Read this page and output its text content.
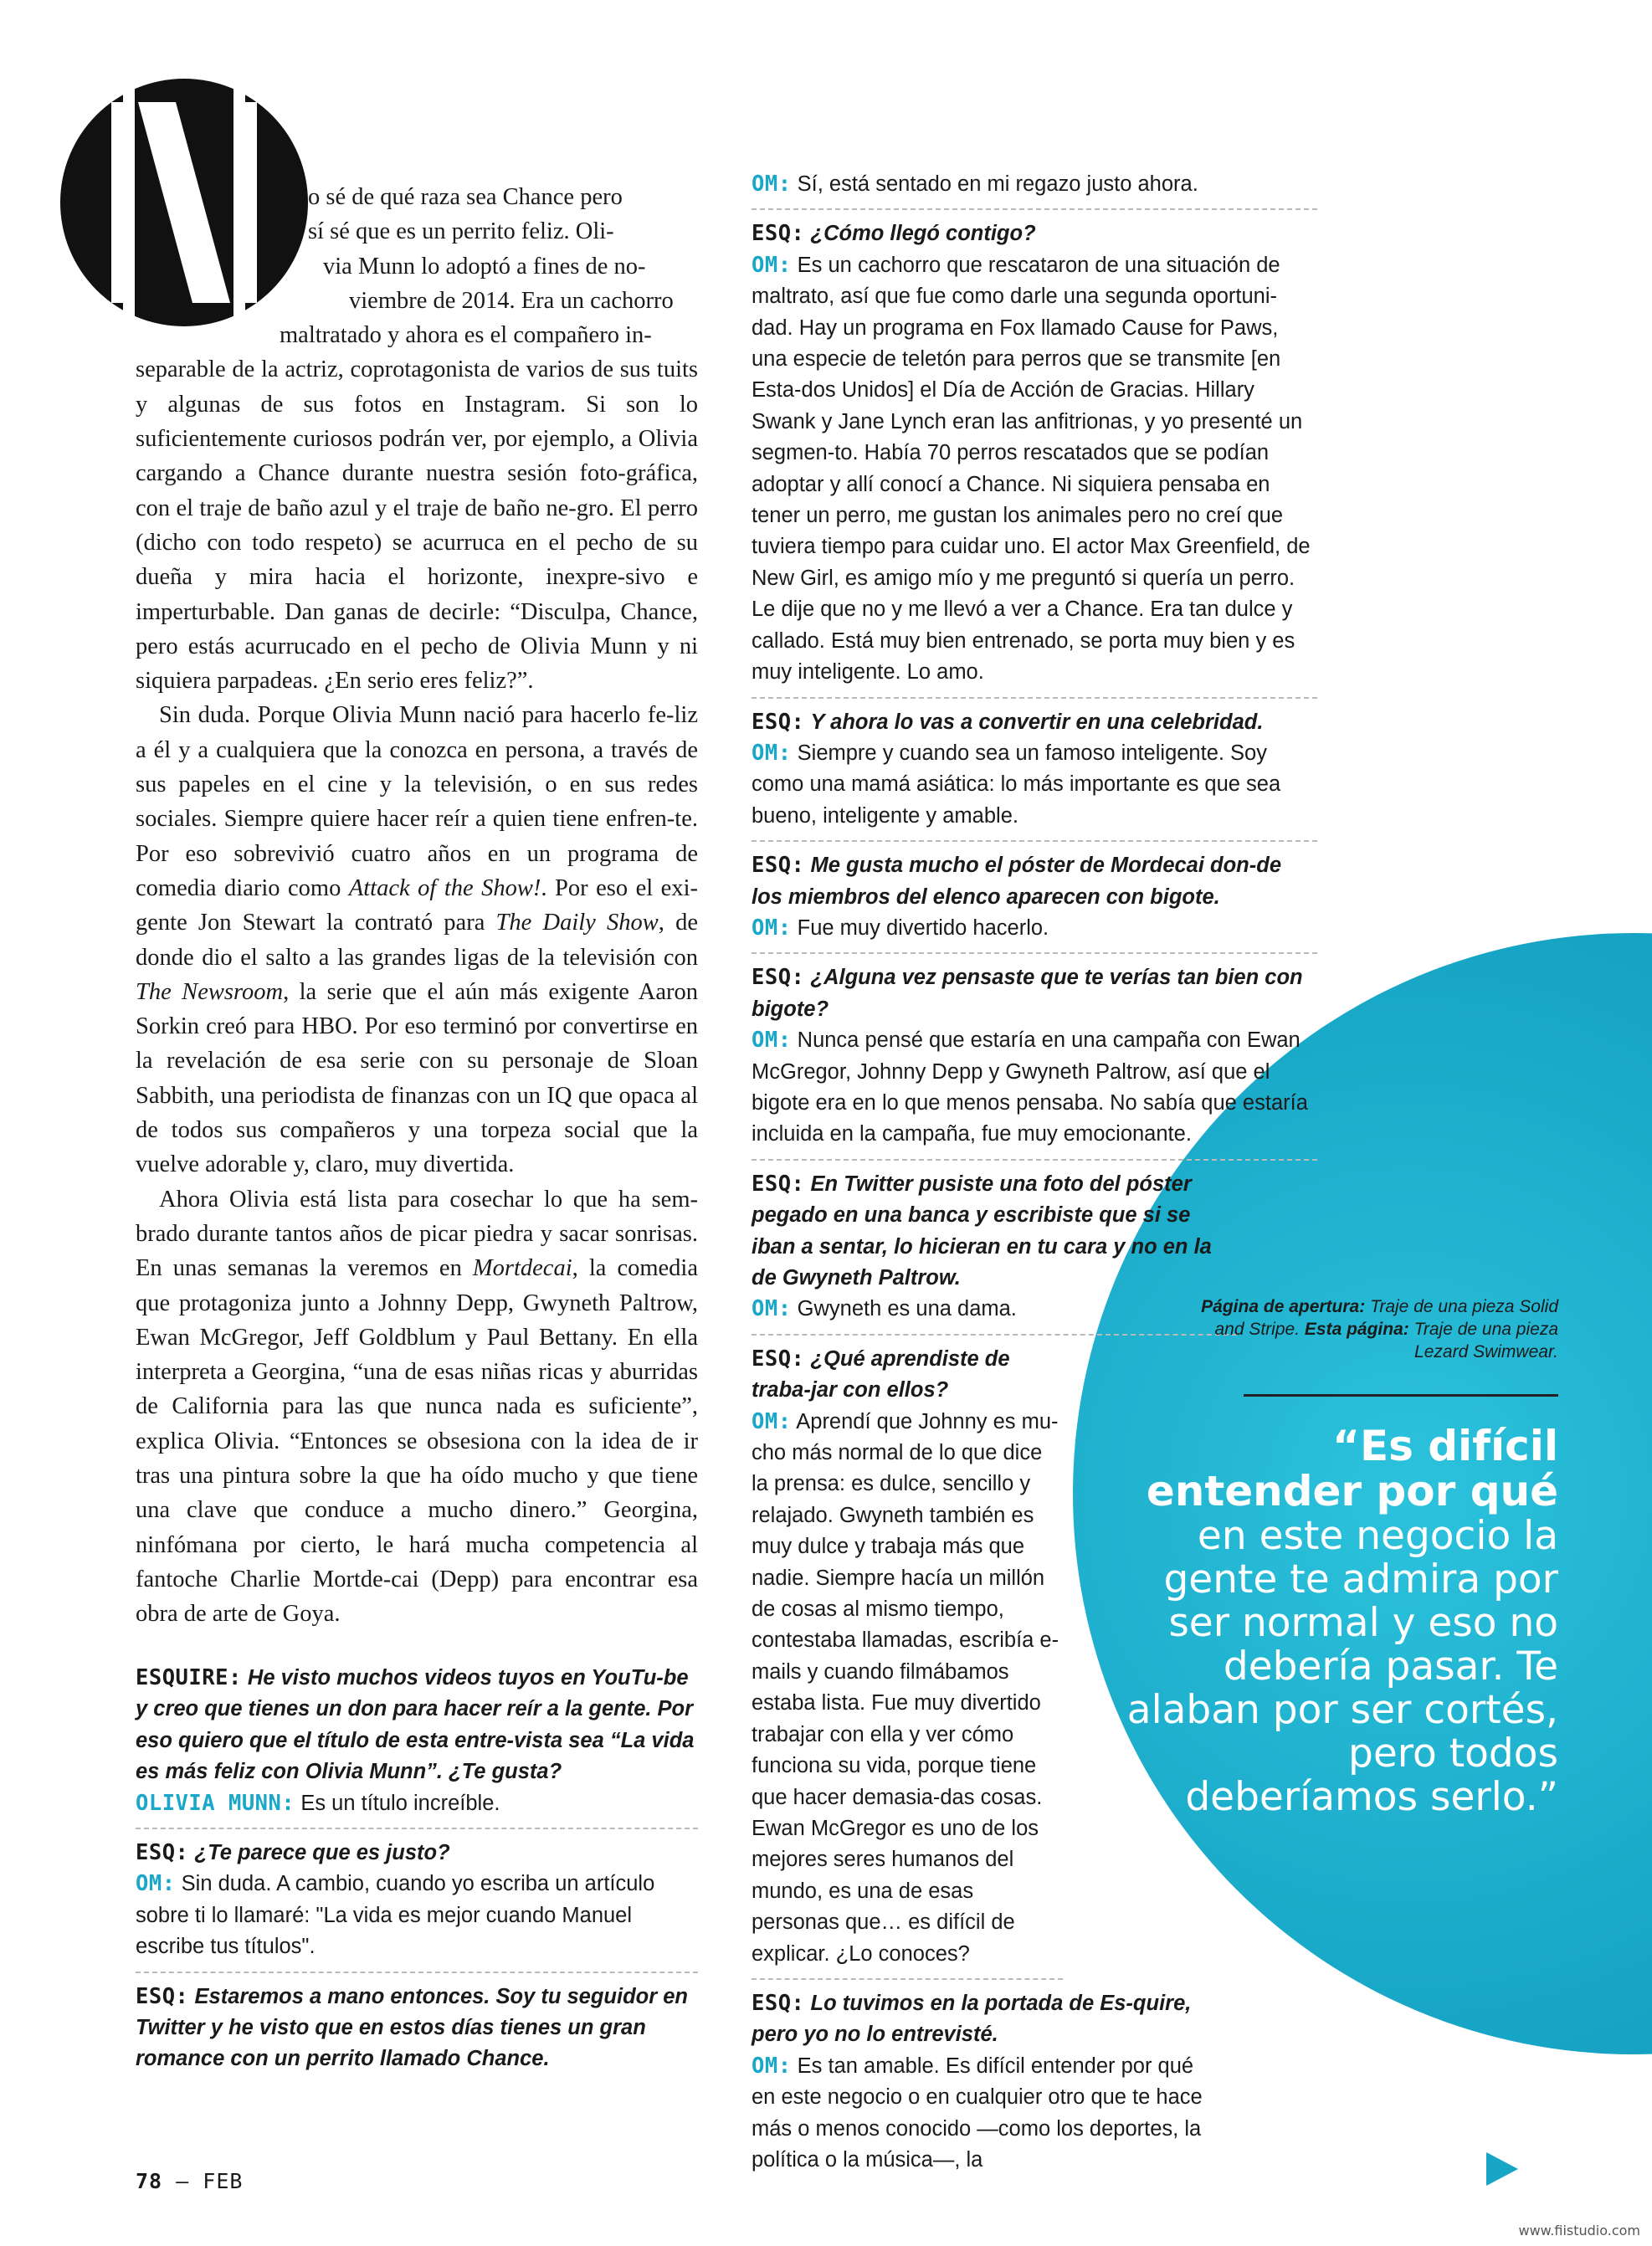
o sé de qué raza sea Chance pero
sí sé que es un perrito feliz. Oli-
via Munn lo adoptó a fines de no-
viembre de 2014. Era un cachorro
maltratado y ahora es el compañero in-

separable de la actriz, coprotagonista de varios de sus tuits y algunas de sus fotos en Instagram. Si son lo suficientemente curiosos podrán ver, por ejemplo, a Olivia cargando a Chance durante nuestra sesión foto-gráfica, con el traje de baño azul y el traje de baño ne-gro. El perro (dicho con todo respeto) se acurruca en el pecho de su dueña y mira hacia el horizonte, inexpre-sivo e imperturbable. Dan ganas de decirle: “Disculpa, Chance, pero estás acurrucado en el pecho de Olivia Munn y ni siquiera parpadeas. ¿En serio eres feliz?”.

Sin duda. Porque Olivia Munn nació para hacerlo fe-liz a él y a cualquiera que la conozca en persona, a través de sus papeles en el cine y la televisión, o en sus redes sociales. Siempre quiere hacer reír a quien tiene enfren-te. Por eso sobrevivió cuatro años en un programa de comedia diario como Attack of the Show!. Por eso el exi-gente Jon Stewart la contrató para The Daily Show, de donde dio el salto a las grandes ligas de la televisión con The Newsroom, la serie que el aún más exigente Aaron Sorkin creó para HBO. Por eso terminó por convertirse en la revelación de esa serie con su personaje de Sloan Sabbith, una periodista de finanzas con un IQ que opaca al de todos sus compañeros y una torpeza social que la vuelve adorable y, claro, muy divertida.

Ahora Olivia está lista para cosechar lo que ha sem-brado durante tantos años de picar piedra y sacar sonrisas. En unas semanas la veremos en Mortdecai, la comedia que protagoniza junto a Johnny Depp, Gwyneth Paltrow, Ewan McGregor, Jeff Goldblum y Paul Bettany. En ella interpreta a Georgina, “una de esas niñas ricas y aburridas de California para las que nunca nada es suficiente”, explica Olivia. “Entonces se obsesiona con la idea de ir tras una pintura sobre la que ha oído mucho y que tiene una clave que conduce a mucho dinero.” Georgina, ninfómana por cierto, le hará mucha competencia al fantoche Charlie Mortde-cai (Depp) para encontrar esa obra de arte de Goya.

ESQUIRE: He visto muchos videos tuyos en YouTu-be y creo que tienes un don para hacer reír a la gente. Por eso quiero que el título de esta entre-vista sea “La vida es más feliz con Olivia Munn”. ¿Te gusta?
OLIVIA MUNN: Es un título increíble.
ESQ: ¿Te parece que es justo?
OM: Sin duda. A cambio, cuando yo escriba un artículo sobre ti lo llamaré: "La vida es mejor cuando Manuel escribe tus títulos".
ESQ: Estaremos a mano entonces. Soy tu seguidor en Twitter y he visto que en estos días tienes un gran romance con un perrito llamado Chance.
OM: Sí, está sentado en mi regazo justo ahora.
ESQ: ¿Cómo llegó contigo?
OM: Es un cachorro que rescataron de una situación de maltrato, así que fue como darle una segunda oportuni-dad. Hay un programa en Fox llamado Cause for Paws, una especie de teletón para perros que se transmite [en Esta-dos Unidos] el Día de Acción de Gracias. Hillary Swank y Jane Lynch eran las anfitrionas, y yo presenté un segmen-to. Había 70 perros rescatados que se podían adoptar y allí conocí a Chance. Ni siquiera pensaba en tener un perro, me gustan los animales pero no creí que tuviera tiempo para cuidar uno. El actor Max Greenfield, de New Girl, es amigo mío y me preguntó si quería un perro. Le dije que no y me llevó a ver a Chance. Era tan dulce y callado. Está muy bien entrenado, se porta muy bien y es muy inteligente. Lo amo.
ESQ: Y ahora lo vas a convertir en una celebridad.
OM: Siempre y cuando sea un famoso inteligente. Soy como una mamá asiática: lo más importante es que sea bueno, inteligente y amable.
ESQ: Me gusta mucho el póster de Mordecai don-de los miembros del elenco aparecen con bigote.
OM: Fue muy divertido hacerlo.
ESQ: ¿Alguna vez pensaste que te verías tan bien con bigote?
OM: Nunca pensé que estaría en una campaña con Ewan McGregor, Johnny Depp y Gwyneth Paltrow, así que el bigote era en lo que menos pensaba. No sabía que estaría incluida en la campaña, fue muy emocionante.
ESQ: En Twitter pusiste una foto del póster pegado en una banca y escribiste que si se iban a sentar, lo hicieran en tu cara y no en la de Gwyneth Paltrow.
OM: Gwyneth es una dama.
ESQ: ¿Qué aprendiste de traba-jar con ellos?
OM: Aprendí que Johnny es mu-cho más normal de lo que dice la prensa: es dulce, sencillo y relajado. Gwyneth también es muy dulce y trabaja más que nadie. Siempre hacía un millón de cosas al mismo tiempo, contestaba llamadas, escribía e-mails y cuando filmábamos estaba lista. Fue muy divertido trabajar con ella y ver cómo funciona su vida, porque tiene que hacer demasia-das cosas. Ewan McGregor es uno de los mejores seres humanos del mundo, es una de esas personas que… es difícil de explicar. ¿Lo conoces?
ESQ: Lo tuvimos en la portada de Es-quire, pero yo no lo entrevisté.
OM: Es tan amable. Es difícil entender por qué en este negocio o en cualquier otro que te hace más o menos conocido —como los deportes, la política o la música—, la
Página de apertura: Traje de una pieza Solid and Stripe. Esta página: Traje de una pieza Lezard Swimwear.
“Es difícil entender por qué en este negocio la gente te admira por ser normal y eso no debería pasar. Te alaban por ser cortés, pero todos deberíamos serlo.”
78 — FEB
www.fiistudio.com
